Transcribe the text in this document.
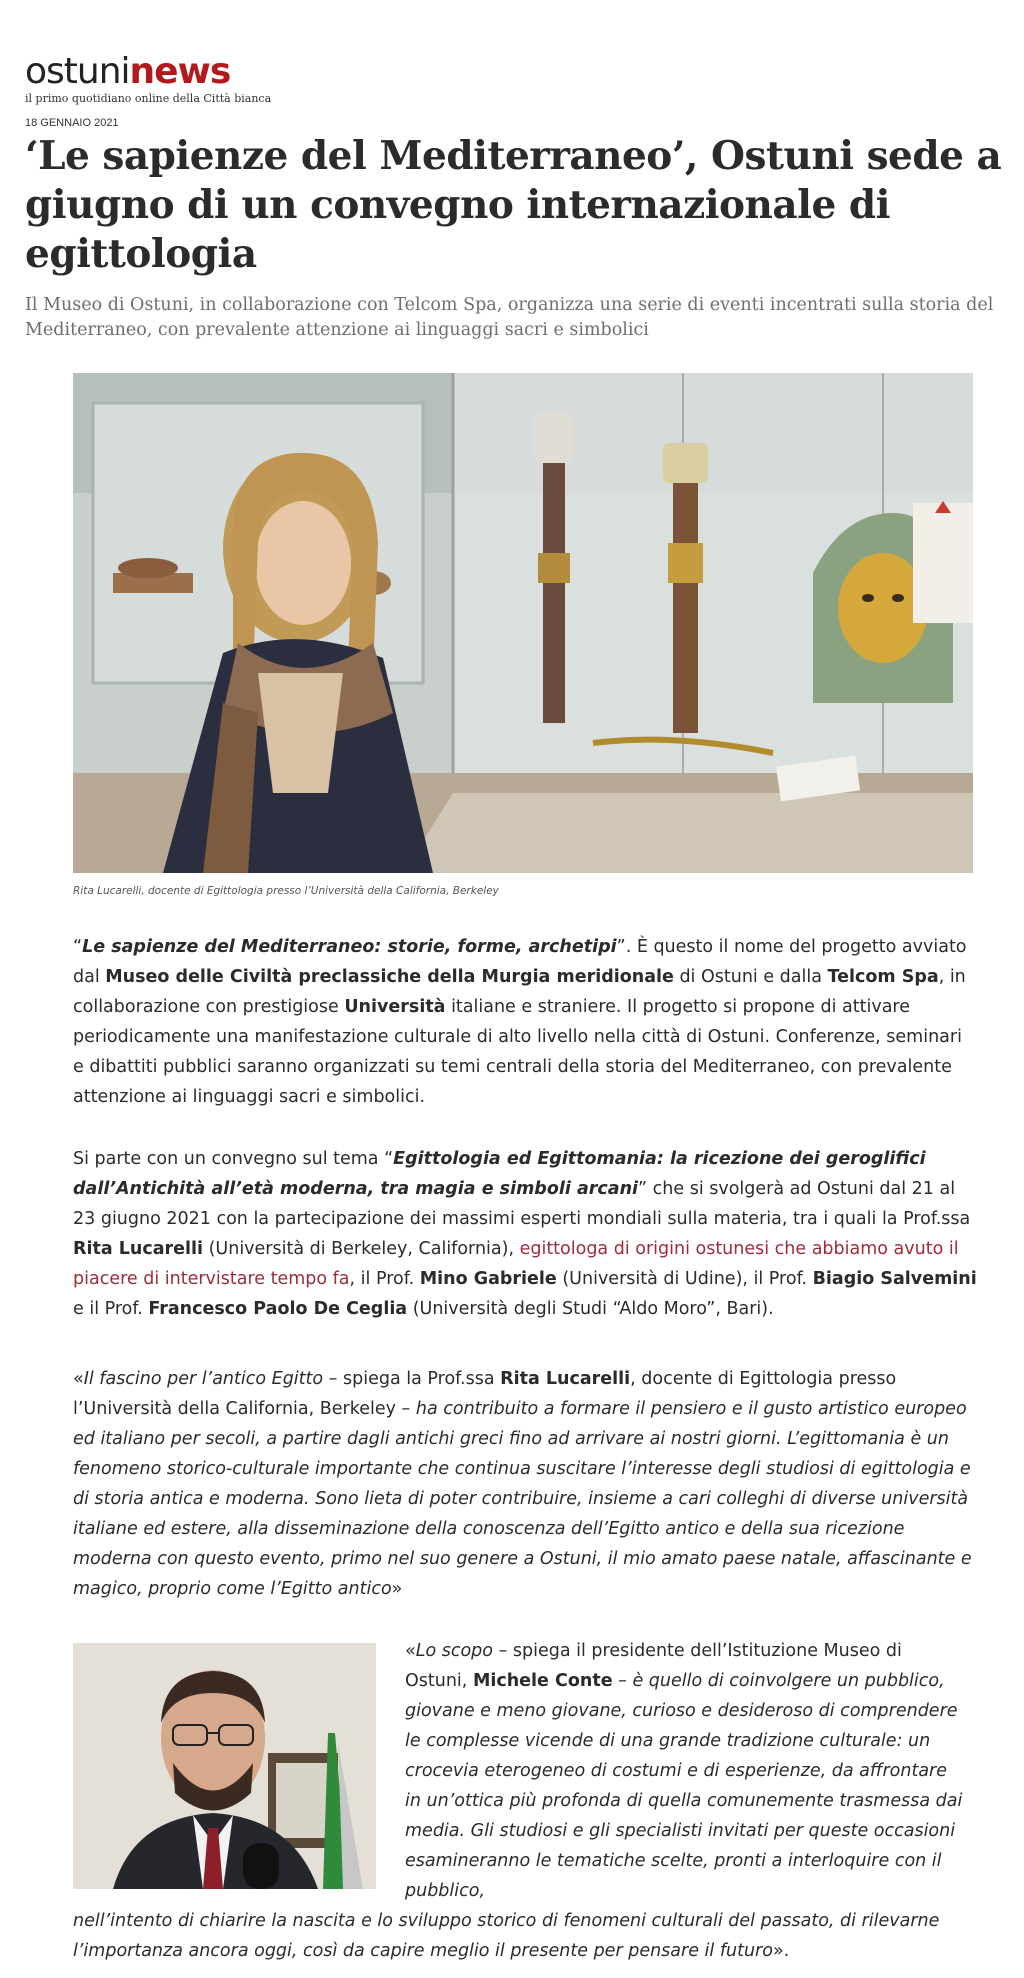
ostuninews
il primo quotidiano online della Città bianca
18 GENNAIO 2021
‘Le sapienze del Mediterraneo’, Ostuni sede a giugno di un convegno internazionale di egittologia

Il Museo di Ostuni, in collaborazione con Telcom Spa, organizza una serie di eventi incentrati sulla storia del Mediterraneo, con prevalente attenzione ai linguaggi sacri e simbolici

Rita Lucarelli, docente di Egittologia presso l’Università della California, Berkeley

“Le sapienze del Mediterraneo: storie, forme, archetipi”. È questo il nome del progetto avviato dal Museo delle Civiltà preclassiche della Murgia meridionale di Ostuni e dalla Telcom Spa, in collaborazione con prestigiose Università italiane e straniere. Il progetto si propone di attivare periodicamente una manifestazione culturale di alto livello nella città di Ostuni. Conferenze, seminari e dibattiti pubblici saranno organizzati su temi centrali della storia del Mediterraneo, con prevalente attenzione ai linguaggi sacri e simbolici.

Si parte con un convegno sul tema “Egittologia ed Egittomania: la ricezione dei geroglifici dall’Antichità all’età moderna, tra magia e simboli arcani” che si svolgerà ad Ostuni dal 21 al 23 giugno 2021 con la partecipazione dei massimi esperti mondiali sulla materia, tra i quali la Prof.ssa Rita Lucarelli (Università di Berkeley, California), egittologa di origini ostunesi che abbiamo avuto il piacere di intervistare tempo fa, il Prof. Mino Gabriele (Università di Udine), il Prof. Biagio Salvemini e il Prof. Francesco Paolo De Ceglia (Università degli Studi “Aldo Moro”, Bari).

«Il fascino per l’antico Egitto – spiega la Prof.ssa Rita Lucarelli, docente di Egittologia presso l’Università della California, Berkeley – ha contribuito a formare il pensiero e il gusto artistico europeo ed italiano per secoli, a partire dagli antichi greci fino ad arrivare ai nostri giorni. L’egittomania è un fenomeno storico-culturale importante che continua suscitare l’interesse degli studiosi di egittologia e di storia antica e moderna. Sono lieta di poter contribuire, insieme a cari colleghi di diverse università italiane ed estere, alla disseminazione della conoscenza dell’Egitto antico e della sua ricezione moderna con questo evento, primo nel suo genere a Ostuni, il mio amato paese natale, affascinante e magico, proprio come l’Egitto antico»

«Lo scopo – spiega il presidente dell’Istituzione Museo di Ostuni, Michele Conte – è quello di coinvolgere un pubblico, giovane e meno giovane, curioso e desideroso di comprendere le complesse vicende di una grande tradizione culturale: un crocevia eterogeneo di costumi e di esperienze, da affrontare in un’ottica più profonda di quella comunemente trasmessa dai media. Gli studiosi e gli specialisti invitati per queste occasioni esamineranno le tematiche scelte, pronti a interloquire con il pubblico,

nell’intento di chiarire la nascita e lo sviluppo storico di fenomeni culturali del passato, di rilevarne l’importanza ancora oggi, così da capire meglio il presente per pensare il futuro».
